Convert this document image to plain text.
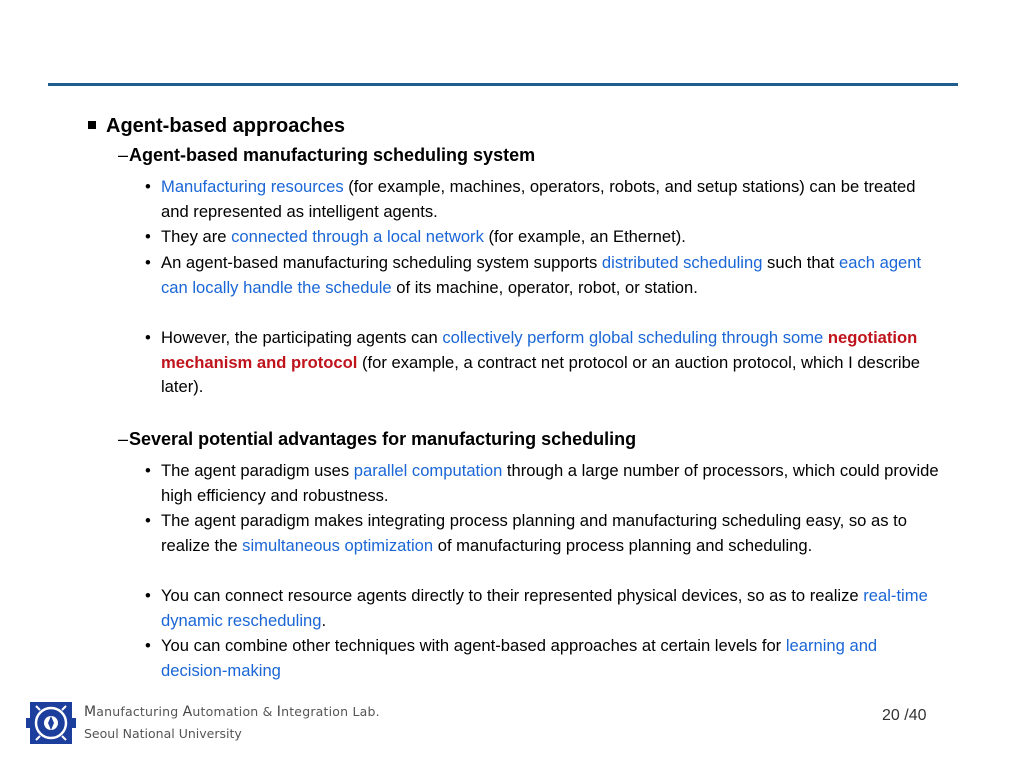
Agent-based approaches
–Agent-based manufacturing scheduling system
• Manufacturing resources (for example, machines, operators, robots, and setup stations) can be treated and represented as intelligent agents.
• They are connected through a local network (for example, an Ethernet).
• An agent-based manufacturing scheduling system supports distributed scheduling such that each agent can locally handle the schedule of its machine, operator, robot, or station.
• However, the participating agents can collectively perform global scheduling through some negotiation mechanism and protocol (for example, a contract net protocol or an auction protocol, which I describe later).
–Several potential advantages for manufacturing scheduling
• The agent paradigm uses parallel computation through a large number of processors, which could provide high efficiency and robustness.
• The agent paradigm makes integrating process planning and manufacturing scheduling easy, so as to realize the simultaneous optimization of manufacturing process planning and scheduling.
• You can connect resource agents directly to their represented physical devices, so as to realize real-time dynamic rescheduling.
• You can combine other techniques with agent-based approaches at certain levels for learning and decision-making
Manufacturing Automation & Integration Lab.
Seoul National University
20 /40
